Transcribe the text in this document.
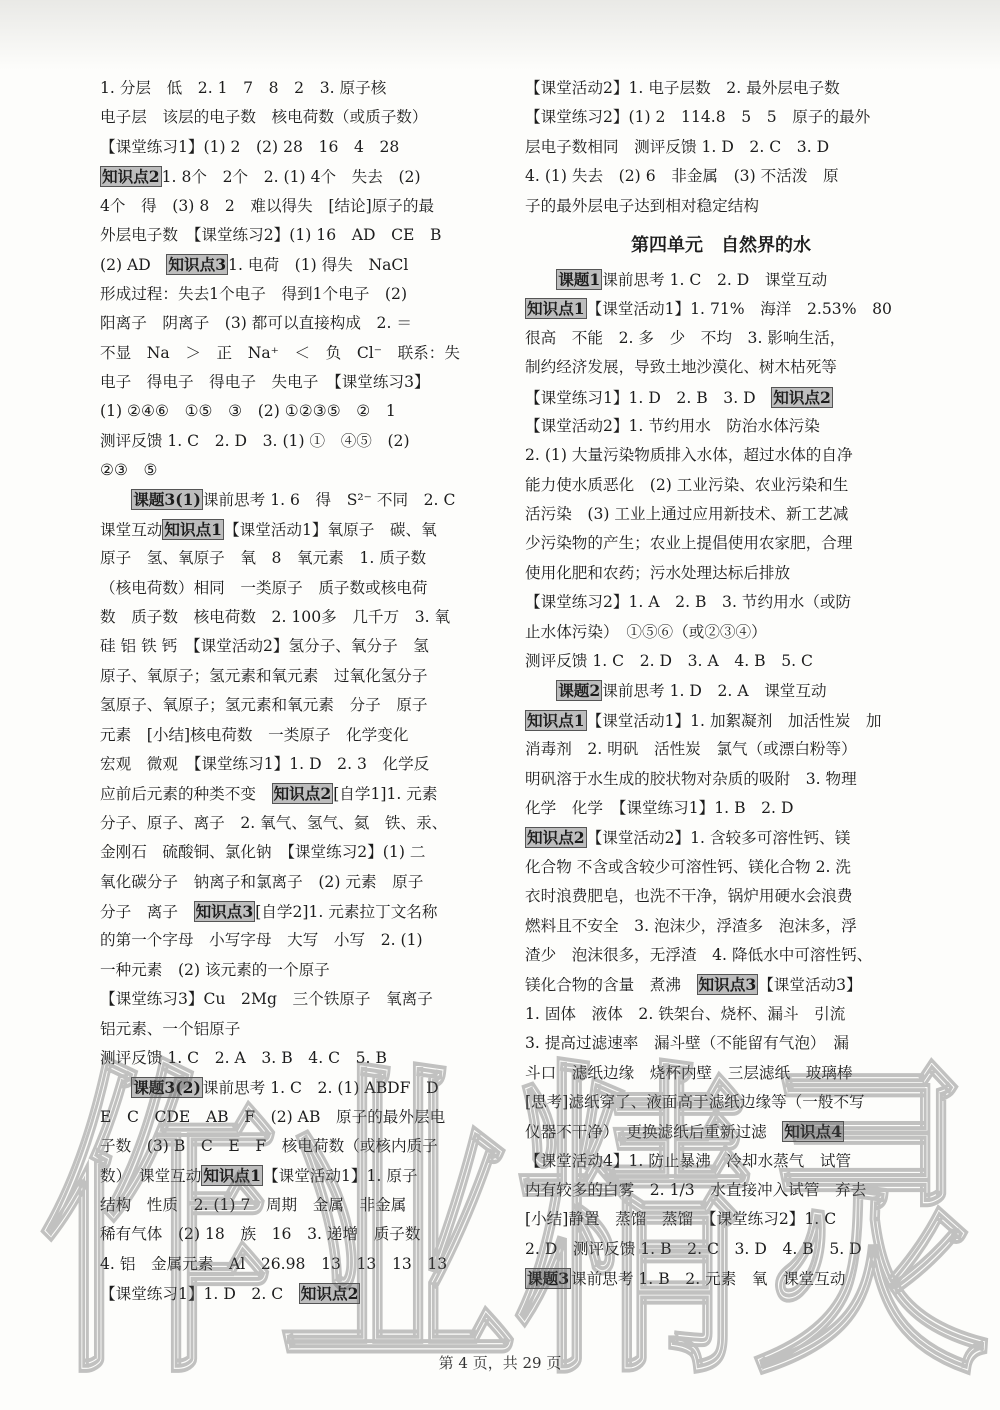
1. 分层　低　2. 1　7　8　2　3. 原子核
电子层　该层的电子数　核电荷数（或质子数）
【课堂练习1】(1) 2　(2) 28　16　4　28
知识点2 1. 8个　2个　2. (1) 4个　失去　(2)
4个　得　(3) 8　2　难以得失　[结论]原子的最
外层电子数　【课堂练习2】(1) 16　AD　CE　B
(2) AD　知识点3 1. 电荷　(1) 得失　NaCl
形成过程：失去1个电子　得到1个电子　(2)
阳离子　阴离子　(3) 都可以直接构成　2. ＝
不显　Na　＞　正　Na⁺　＜　负　Cl⁻　联系：失
电子　得电子　得电子　失电子　【课堂练习3】
(1) ②④⑥　①⑤　③　(2) ①②③⑤　②　1
测评反馈 1. C　2. D　3. (1) ①　④⑤　(2)
②③　⑤
　　课题3(1) 课前思考 1. 6　得　S²⁻ 不同　2. C
课堂互动 知识点1 【课堂活动1】氧原子　碳、氧
原子　氢、氧原子　氧　8　氧元素　1. 质子数
（核电荷数）相同　一类原子　质子数或核电荷
数　质子数　核电荷数　2. 100多　几千万　3. 氧
硅 铝 铁 钙　【课堂活动2】氢分子、氧分子　氢
原子、氧原子；氢元素和氧元素　过氧化氢分子
氢原子、氧原子；氢元素和氧元素　分子　原子
元素　[小结]核电荷数　一类原子　化学变化
宏观　微观　【课堂练习1】1. D　2. 3　化学反
应前后元素的种类不变　知识点2 [自学1]1. 元素
分子、原子、离子　2. 氧气、氢气、氦　铁、汞、
金刚石　硫酸铜、氯化钠　【课堂练习2】(1) 二
氧化碳分子　钠离子和氯离子　(2) 元素　原子
分子　离子　知识点3 [自学2]1. 元素拉丁文名称
的第一个字母　小写字母　大写　小写　2. (1)
一种元素　(2) 该元素的一个原子
【课堂练习3】Cu　2Mg　三个铁原子　氧离子
铝元素、一个铝原子
测评反馈 1. C　2. A　3. B　4. C　5. B
　　课题3(2) 课前思考 1. C　2. (1) ABDF　D
E　C　CDE　AB　F　(2) AB　原子的最外层电
子数　(3) B　C　E　F　核电荷数（或核内质子
数）　课堂互动 知识点1 【课堂活动1】1. 原子
结构　性质　2. (1) 7　周期　金属　非金属
稀有气体　(2) 18　族　16　3. 递增　质子数
4. 铝　金属元素　Al　26.98　13　13　13　13
【课堂练习1】1. D　2. C　知识点2
【课堂活动2】1. 电子层数　2. 最外层电子数
【课堂练习2】(1) 2　114.8　5　5　原子的最外
层电子数相同　测评反馈 1. D　2. C　3. D
4. (1) 失去　(2) 6　非金属　(3) 不活泼　原
子的最外层电子达到相对稳定结构
第四单元　自然界的水
　　课题1 课前思考 1. C　2. D　课堂互动
知识点1 【课堂活动1】1. 71%　海洋　2.53%　80
很高　不能　2. 多　少　不均　3. 影响生活，
制约经济发展，导致土地沙漠化、树木枯死等
【课堂练习1】1. D　2. B　3. D　知识点2
【课堂活动2】1. 节约用水　防治水体污染
2. (1) 大量污染物质排入水体，超过水体的自净
能力使水质恶化　(2) 工业污染、农业污染和生
活污染　(3) 工业上通过应用新技术、新工艺减
少污染物的产生；农业上提倡使用农家肥，合理
使用化肥和农药；污水处理达标后排放
【课堂练习2】1. A　2. B　3. 节约用水（或防
止水体污染）　①⑤⑥（或②③④）
测评反馈 1. C　2. D　3. A　4. B　5. C
　　课题2 课前思考 1. D　2. A　课堂互动
知识点1 【课堂活动1】1. 加絮凝剂　加活性炭　加
消毒剂　2. 明矾　活性炭　氯气（或漂白粉等）
明矾溶于水生成的胶状物对杂质的吸附　3. 物理
化学　化学　【课堂练习1】1. B　2. D
知识点2 【课堂活动2】1. 含较多可溶性钙、镁
化合物 不含或含较少可溶性钙、镁化合物 2. 洗
衣时浪费肥皂，也洗不干净，锅炉用硬水会浪费
燃料且不安全　3. 泡沫少，浮渣多　泡沫多，浮
渣少　泡沫很多，无浮渣　4. 降低水中可溶性钙、
镁化合物的含量　煮沸　知识点3 【课堂活动3】
1. 固体　液体　2. 铁架台、烧杯、漏斗　引流
3. 提高过滤速率　漏斗壁（不能留有气泡）　漏
斗口　滤纸边缘　烧杯内壁　三层滤纸　玻璃棒
[思考]滤纸穿了、液面高于滤纸边缘等（一般不写
仪器不干净）　更换滤纸后重新过滤　知识点4
【课堂活动4】1. 防止暴沸　冷却水蒸气　试管
内有较多的白雾　2. 1/3　水直接冲入试管　弃去
[小结]静置　蒸馏　蒸馏　【课堂练习2】1. C
2. D　测评反馈 1. B　2. C　3. D　4. B　5. D
课题3 课前思考 1. B　2. 元素　氧　课堂互动
作业精灵
第 4 页，共 29 页
